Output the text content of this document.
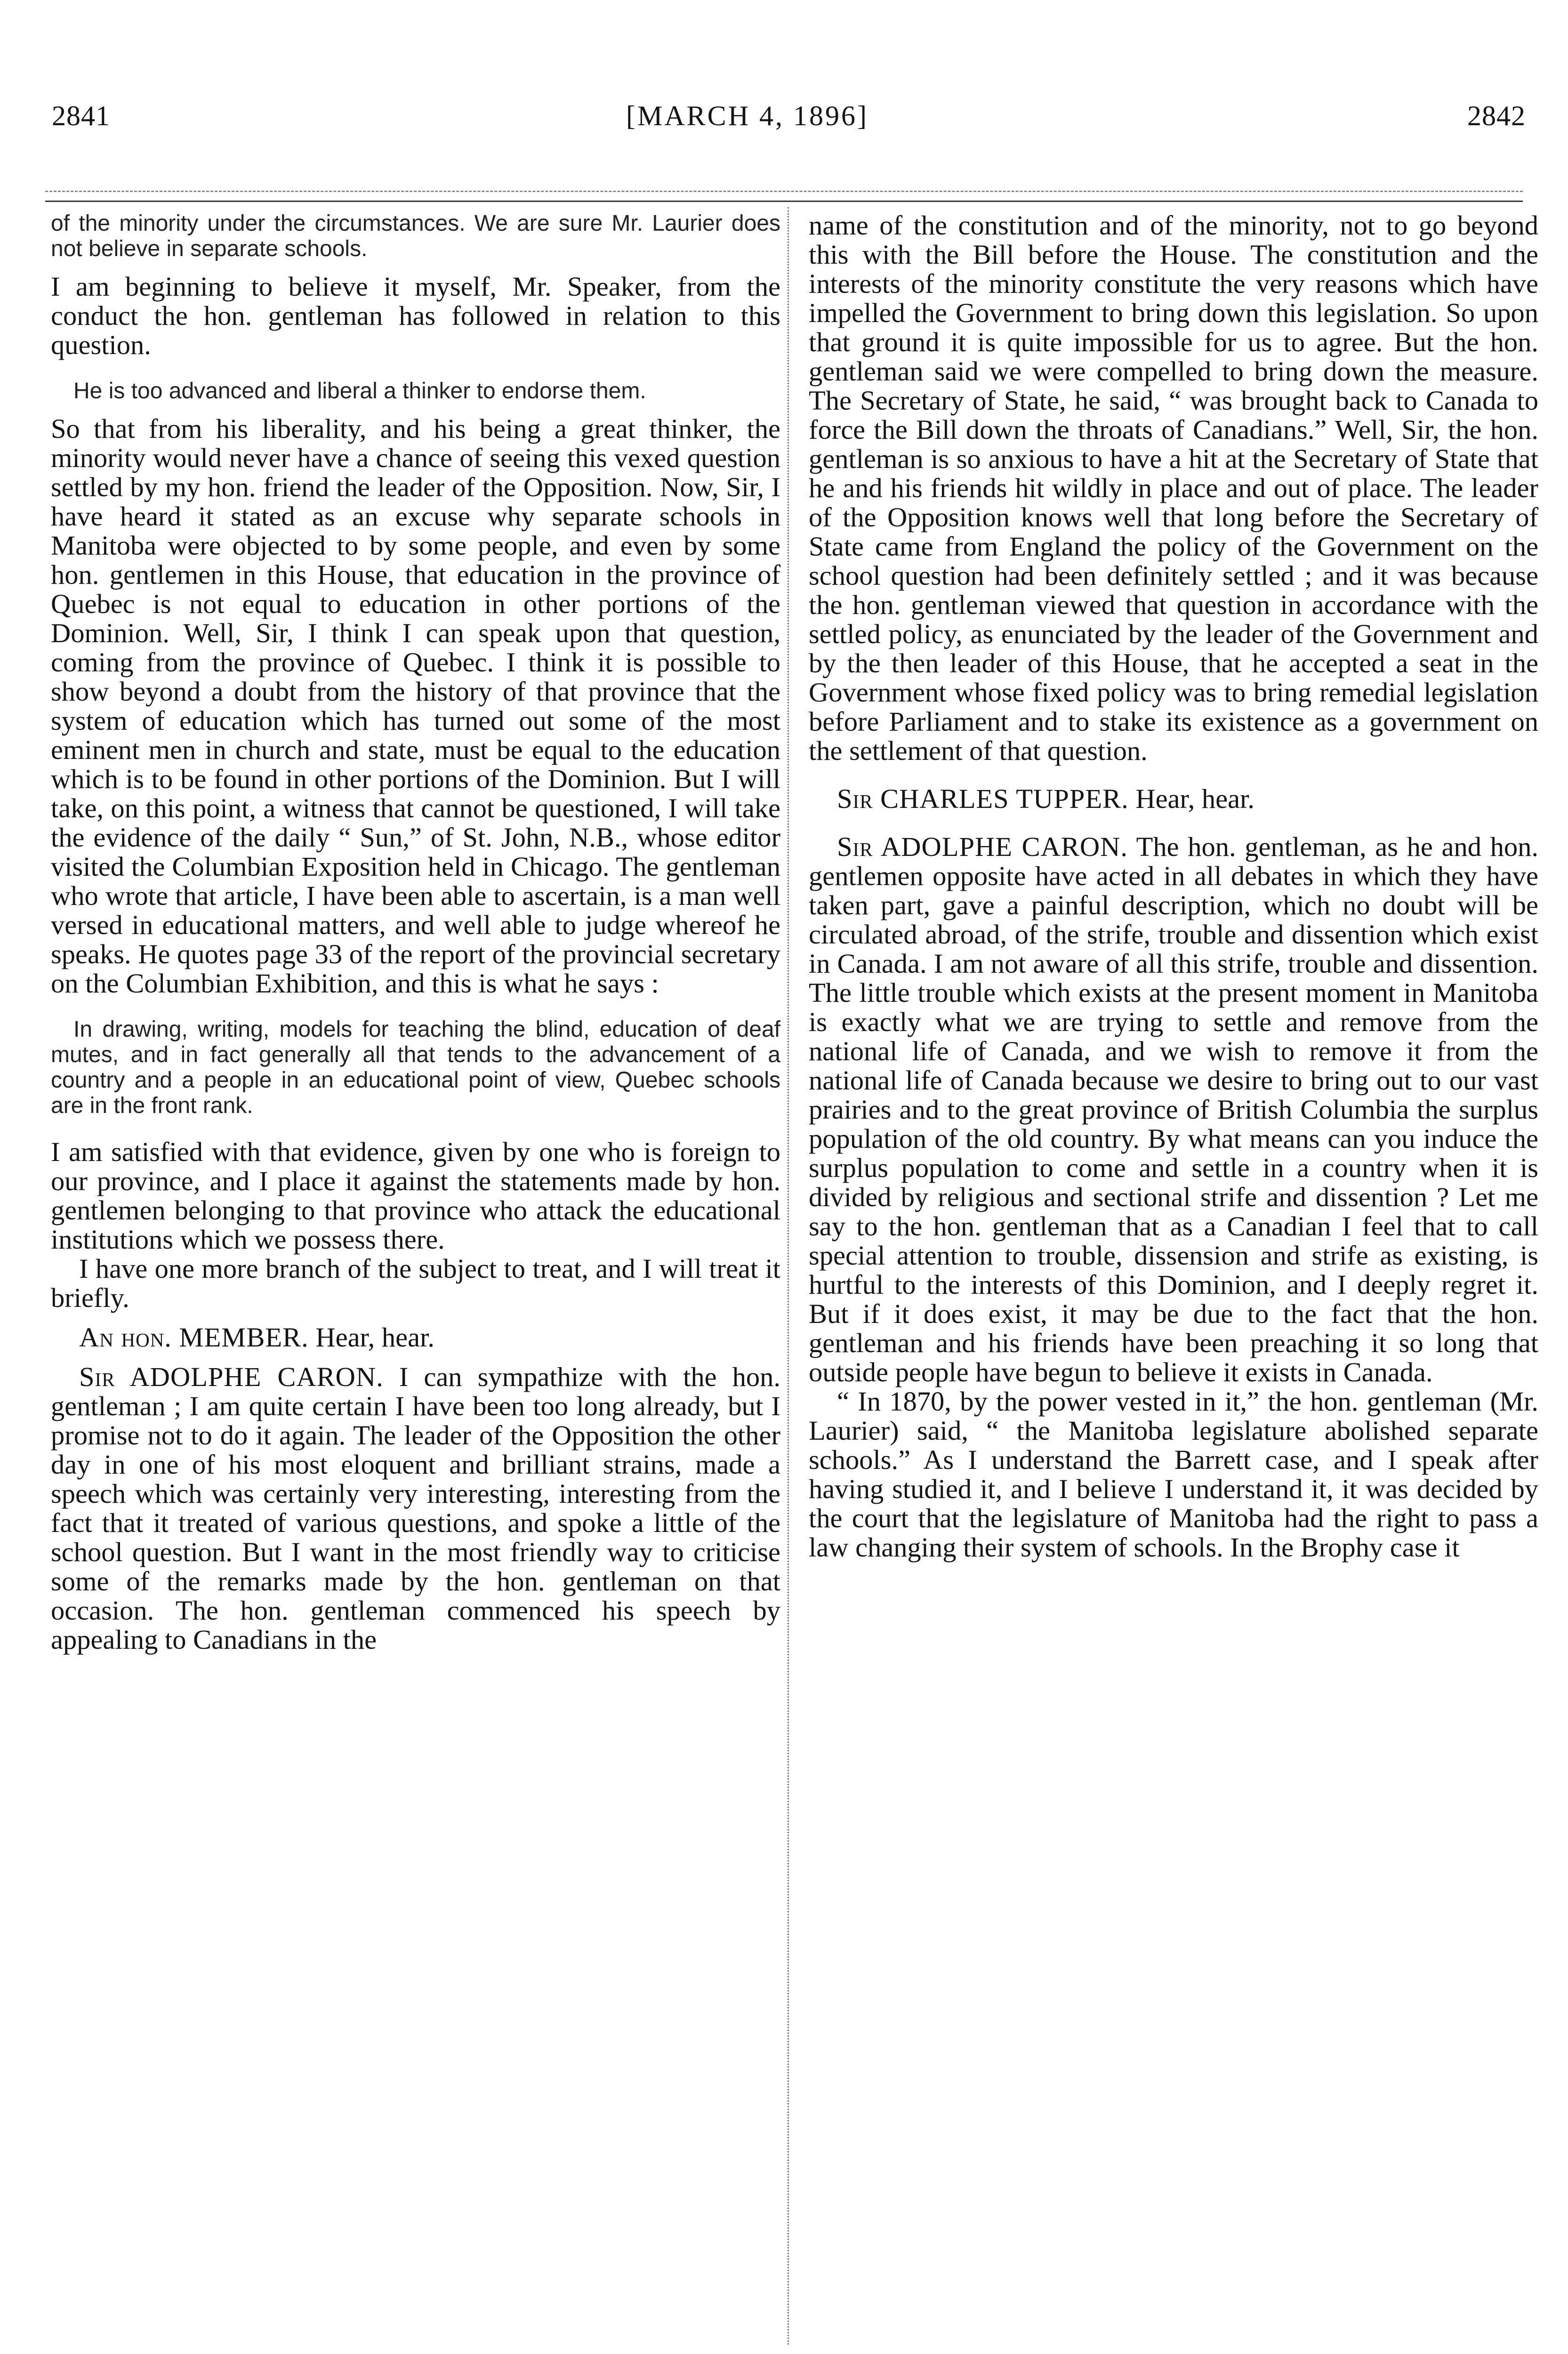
2841	[MARCH 4, 1896]	2842

of the minority under the circumstances. We are sure Mr. Laurier does not believe in separate schools.

I am beginning to believe it myself, Mr. Speaker, from the conduct the hon. gentleman has followed in relation to this question.

He is too advanced and liberal a thinker to endorse them.

So that from his liberality, and his being a great thinker, the minority would never have a chance of seeing this vexed question settled by my hon. friend the leader of the Opposition. Now, Sir, I have heard it stated as an excuse why separate schools in Manitoba were objected to by some people, and even by some hon. gentlemen in this House, that education in the province of Quebec is not equal to education in other portions of the Dominion. Well, Sir, I think I can speak upon that question, coming from the province of Quebec. I think it is possible to show beyond a doubt from the history of that province that the system of education which has turned out some of the most eminent men in church and state, must be equal to the education which is to be found in other portions of the Dominion. But I will take, on this point, a witness that cannot be questioned, I will take the evidence of the daily “ Sun,” of St. John, N.B., whose editor visited the Columbian Exposition held in Chicago. The gentleman who wrote that article, I have been able to ascertain, is a man well versed in educational matters, and well able to judge whereof he speaks. He quotes page 33 of the report of the provincial secretary on the Columbian Exhibition, and this is what he says :

In drawing, writing, models for teaching the blind, education of deaf mutes, and in fact generally all that tends to the advancement of a country and a people in an educational point of view, Quebec schools are in the front rank.

I am satisfied with that evidence, given by one who is foreign to our province, and I place it against the statements made by hon. gentlemen belonging to that province who attack the educational institutions which we possess there.

I have one more branch of the subject to treat, and I will treat it briefly.

An hon. MEMBER. Hear, hear.

Sir ADOLPHE CARON. I can sympathize with the hon. gentleman ; I am quite certain I have been too long already, but I promise not to do it again. The leader of the Opposition the other day in one of his most eloquent and brilliant strains, made a speech which was certainly very interesting, interesting from the fact that it treated of various questions, and spoke a little of the school question. But I want in the most friendly way to criticise some of the remarks made by the hon. gentleman on that occasion. The hon. gentleman commenced his speech by appealing to Canadians in the

name of the constitution and of the minority, not to go beyond this with the Bill before the House. The constitution and the interests of the minority constitute the very reasons which have impelled the Government to bring down this legislation. So upon that ground it is quite impossible for us to agree. But the hon. gentleman said we were compelled to bring down the measure. The Secretary of State, he said, “ was brought back to Canada to force the Bill down the throats of Canadians.” Well, Sir, the hon. gentleman is so anxious to have a hit at the Secretary of State that he and his friends hit wildly in place and out of place. The leader of the Opposition knows well that long before the Secretary of State came from England the policy of the Government on the school question had been definitely settled ; and it was because the hon. gentleman viewed that question in accordance with the settled policy, as enunciated by the leader of the Government and by the then leader of this House, that he accepted a seat in the Government whose fixed policy was to bring remedial legislation before Parliament and to stake its existence as a government on the settlement of that question.

Sir CHARLES TUPPER. Hear, hear.

Sir ADOLPHE CARON. The hon. gentleman, as he and hon. gentlemen opposite have acted in all debates in which they have taken part, gave a painful description, which no doubt will be circulated abroad, of the strife, trouble and dissention which exist in Canada. I am not aware of all this strife, trouble and dissention. The little trouble which exists at the present moment in Manitoba is exactly what we are trying to settle and remove from the national life of Canada, and we wish to remove it from the national life of Canada because we desire to bring out to our vast prairies and to the great province of British Columbia the surplus population of the old country. By what means can you induce the surplus population to come and settle in a country when it is divided by religious and sectional strife and dissention ? Let me say to the hon. gentleman that as a Canadian I feel that to call special attention to trouble, dissension and strife as existing, is hurtful to the interests of this Dominion, and I deeply regret it. But if it does exist, it may be due to the fact that the hon. gentleman and his friends have been preaching it so long that outside people have begun to believe it exists in Canada.

“ In 1870, by the power vested in it,” the hon. gentleman (Mr. Laurier) said, “ the Manitoba legislature abolished separate schools.” As I understand the Barrett case, and I speak after having studied it, and I believe I understand it, it was decided by the court that the legislature of Manitoba had the right to pass a law changing their system of schools. In the Brophy case it
